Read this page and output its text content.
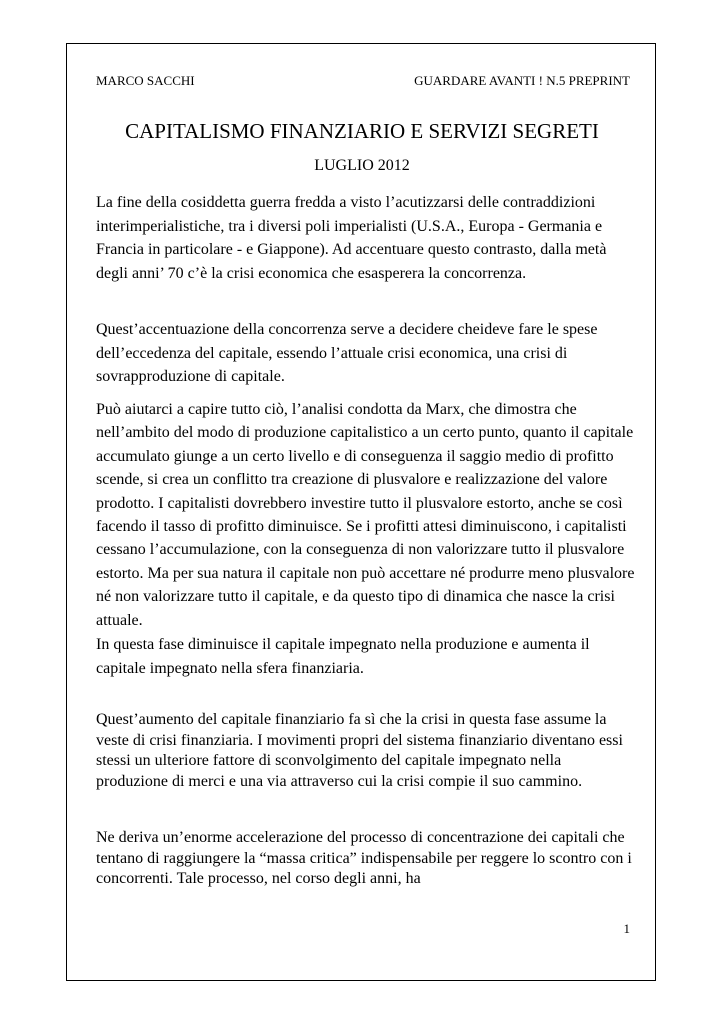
MARCO SACCHI	GUARDARE AVANTI ! N.5 PREPRINT
CAPITALISMO FINANZIARIO E SERVIZI SEGRETI
LUGLIO 2012

La fine della cosiddetta guerra fredda a visto l’acutizzarsi delle contraddizioni interimperialistiche, tra i diversi poli imperialisti (U.S.A., Europa - Germania e Francia in particolare - e Giappone). Ad accentuare questo contrasto, dalla metà degli anni’ 70 c’è la crisi economica che esasperera la concorrenza.

Quest’accentuazione della concorrenza serve a decidere cheideve fare le spese dell’eccedenza del capitale, essendo l’attuale crisi economica, una crisi di sovrapproduzione di capitale.

Può aiutarci a capire tutto ciò, l’analisi condotta da Marx, che dimostra che nell’ambito del modo di produzione capitalistico a un certo punto, quanto il capitale accumulato giunge a un certo livello e di conseguenza il saggio medio di profitto scende, si crea un conflitto tra creazione di plusvalore e realizzazione del valore prodotto. I capitalisti dovrebbero investire tutto il plusvalore estorto, anche se così facendo il tasso di profitto diminuisce. Se i profitti attesi diminuiscono, i capitalisti cessano l’accumulazione, con la conseguenza di non valorizzare tutto il plusvalore estorto. Ma per sua natura il capitale non può accettare né produrre meno plusvalore né non valorizzare tutto il capitale, e da questo tipo di dinamica che nasce la crisi attuale.

In questa fase diminuisce il capitale impegnato nella produzione e aumenta il capitale impegnato nella sfera finanziaria.

Quest’aumento del capitale finanziario fa sì che la crisi in questa fase assume la veste di crisi finanziaria. I movimenti propri del sistema finanziario diventano essi stessi un ulteriore fattore di sconvolgimento del capitale impegnato nella produzione di merci e una via attraverso cui la crisi compie il suo cammino.

Ne deriva un’enorme accelerazione del processo di concentrazione dei capitali che tentano di raggiungere la “massa critica” indispensabile per reggere lo scontro con i concorrenti. Tale processo, nel corso degli anni, ha

1
